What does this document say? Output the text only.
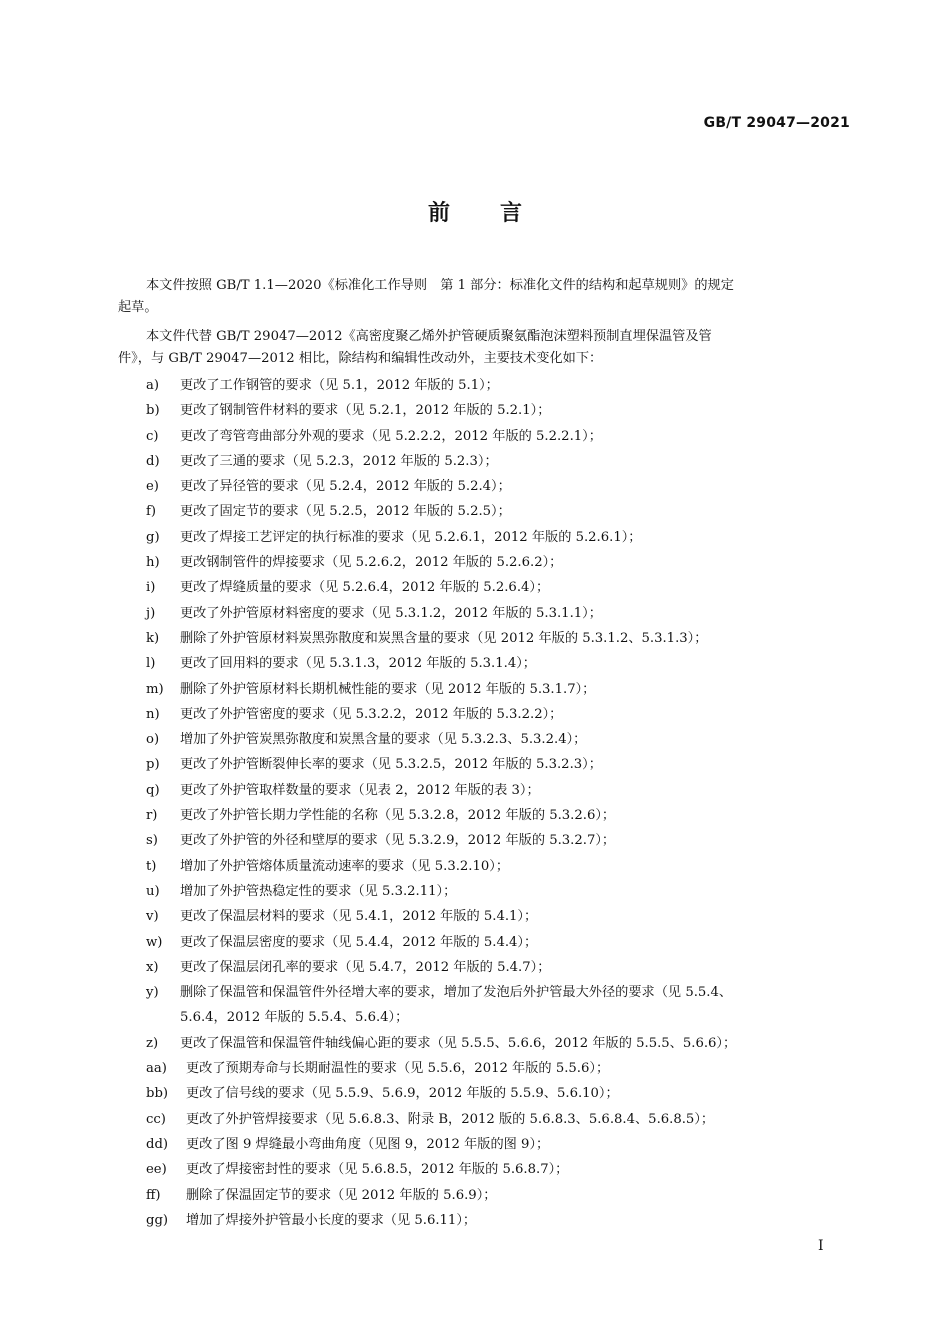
GB/T 29047—2021
前 言
本文件按照 GB/T 1.1—2020《标准化工作导则　第 1 部分：标准化文件的结构和起草规则》的规定
起草。
本文件代替 GB/T 29047—2012《高密度聚乙烯外护管硬质聚氨酯泡沫塑料预制直埋保温管及管
件》，与 GB/T 29047—2012 相比，除结构和编辑性改动外，主要技术变化如下：
a) 更改了工作钢管的要求（见 5.1，2012 年版的 5.1）；
b) 更改了钢制管件材料的要求（见 5.2.1，2012 年版的 5.2.1）；
c) 更改了弯管弯曲部分外观的要求（见 5.2.2.2，2012 年版的 5.2.2.1）；
d) 更改了三通的要求（见 5.2.3，2012 年版的 5.2.3）；
e) 更改了异径管的要求（见 5.2.4，2012 年版的 5.2.4）；
f) 更改了固定节的要求（见 5.2.5，2012 年版的 5.2.5）；
g) 更改了焊接工艺评定的执行标准的要求（见 5.2.6.1，2012 年版的 5.2.6.1）；
h) 更改钢制管件的焊接要求（见 5.2.6.2，2012 年版的 5.2.6.2）；
i) 更改了焊缝质量的要求（见 5.2.6.4，2012 年版的 5.2.6.4）；
j) 更改了外护管原材料密度的要求（见 5.3.1.2，2012 年版的 5.3.1.1）；
k) 删除了外护管原材料炭黑弥散度和炭黑含量的要求（见 2012 年版的 5.3.1.2、5.3.1.3）；
l) 更改了回用料的要求（见 5.3.1.3，2012 年版的 5.3.1.4）；
m) 删除了外护管原材料长期机械性能的要求（见 2012 年版的 5.3.1.7）；
n) 更改了外护管密度的要求（见 5.3.2.2，2012 年版的 5.3.2.2）；
o) 增加了外护管炭黑弥散度和炭黑含量的要求（见 5.3.2.3、5.3.2.4）；
p) 更改了外护管断裂伸长率的要求（见 5.3.2.5，2012 年版的 5.3.2.3）；
q) 更改了外护管取样数量的要求（见表 2，2012 年版的表 3）；
r) 更改了外护管长期力学性能的名称（见 5.3.2.8，2012 年版的 5.3.2.6）；
s) 更改了外护管的外径和壁厚的要求（见 5.3.2.9，2012 年版的 5.3.2.7）；
t) 增加了外护管熔体质量流动速率的要求（见 5.3.2.10）；
u) 增加了外护管热稳定性的要求（见 5.3.2.11）；
v) 更改了保温层材料的要求（见 5.4.1，2012 年版的 5.4.1）；
w) 更改了保温层密度的要求（见 5.4.4，2012 年版的 5.4.4）；
x) 更改了保温层闭孔率的要求（见 5.4.7，2012 年版的 5.4.7）；
y) 删除了保温管和保温管件外径增大率的要求，增加了发泡后外护管最大外径的要求（见 5.5.4、
5.6.4，2012 年版的 5.5.4、5.6.4）；
z) 更改了保温管和保温管件轴线偏心距的要求（见 5.5.5、5.6.6，2012 年版的 5.5.5、5.6.6）；
aa) 更改了预期寿命与长期耐温性的要求（见 5.5.6，2012 年版的 5.5.6）；
bb) 更改了信号线的要求（见 5.5.9、5.6.9，2012 年版的 5.5.9、5.6.10）；
cc) 更改了外护管焊接要求（见 5.6.8.3、附录 B，2012 版的 5.6.8.3、5.6.8.4、5.6.8.5）；
dd) 更改了图 9 焊缝最小弯曲角度（见图 9，2012 年版的图 9）；
ee) 更改了焊接密封性的要求（见 5.6.8.5，2012 年版的 5.6.8.7）；
ff) 删除了保温固定节的要求（见 2012 年版的 5.6.9）；
gg) 增加了焊接外护管最小长度的要求（见 5.6.11）；
I
